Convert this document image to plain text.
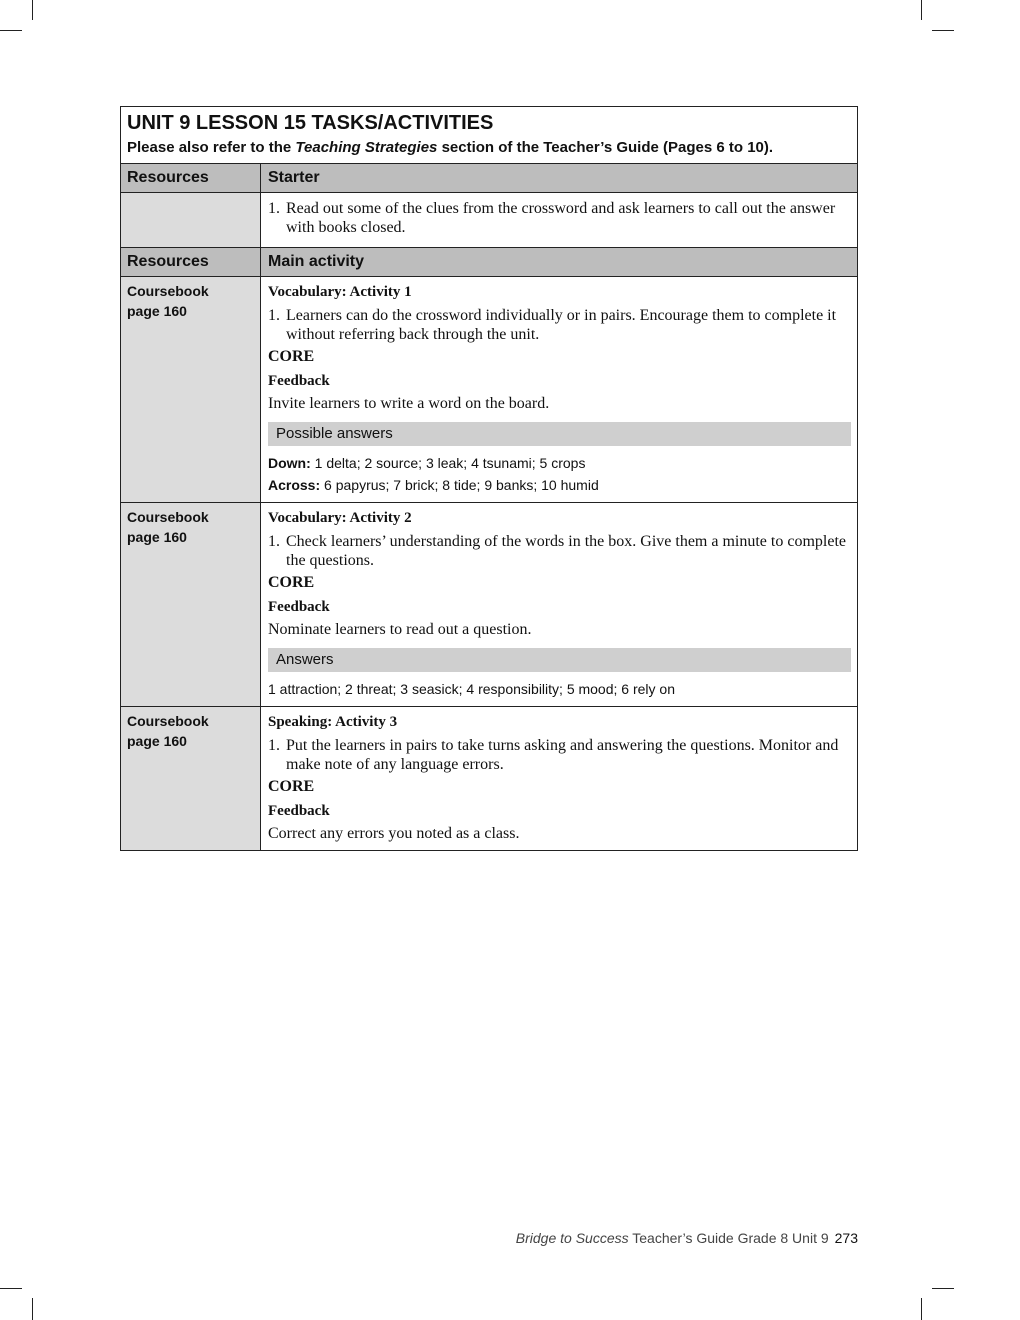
UNIT 9 LESSON 15 TASKS/ACTIVITIES
Please also refer to the Teaching Strategies section of the Teacher’s Guide (Pages 6 to 10).
Resources	Starter
1. Read out some of the clues from the crossword and ask learners to call out the answer with books closed.
Resources	Main activity
Coursebook
page 160
Vocabulary: Activity 1
1. Learners can do the crossword individually or in pairs. Encourage them to complete it without referring back through the unit.
CORE
Feedback
Invite learners to write a word on the board.
Possible answers
Down: 1 delta; 2 source; 3 leak; 4 tsunami; 5 crops
Across: 6 papyrus; 7 brick; 8 tide; 9 banks; 10 humid
Coursebook
page 160
Vocabulary: Activity 2
1. Check learners’ understanding of the words in the box. Give them a minute to complete the questions.
CORE
Feedback
Nominate learners to read out a question.
Answers
1 attraction; 2 threat; 3 seasick; 4 responsibility; 5 mood; 6 rely on
Coursebook
page 160
Speaking: Activity 3
1. Put the learners in pairs to take turns asking and answering the questions. Monitor and make note of any language errors.
CORE
Feedback
Correct any errors you noted as a class.
Bridge to Success Teacher’s Guide Grade 8 Unit 9 273
